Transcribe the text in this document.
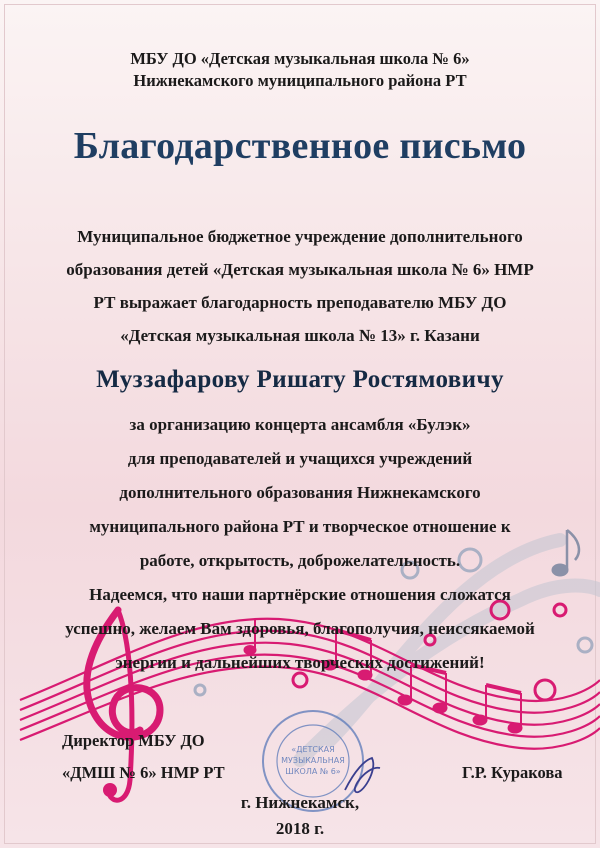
МБУ ДО «Детская музыкальная школа № 6»
Нижнекамского муниципального района РТ
Благодарственное письмо
Муниципальное бюджетное учреждение дополнительного
образования детей «Детская музыкальная школа № 6» НМР
РТ выражает благодарность преподавателю МБУ ДО
«Детская музыкальная школа № 13» г. Казани
Муззафарову Ришату Ростямовичу
за организацию концерта ансамбля «Булэк»
для преподавателей и учащихся учреждений
дополнительного образования Нижнекамского
муниципального района РТ и творческое отношение к
работе, открытость, доброжелательность.
Надеемся, что наши партнёрские отношения сложатся
успешно, желаем Вам здоровья, благополучия, неиссякаемой
энергии и дальнейших творческих достижений!
«ДЕТСКАЯ
МУЗЫКАЛЬНАЯ
ШКОЛА № 6»
Директор МБУ ДО
«ДМШ № 6» НМР РТ	Г.Р. Куракова
г. Нижнекамск,
2018 г.
